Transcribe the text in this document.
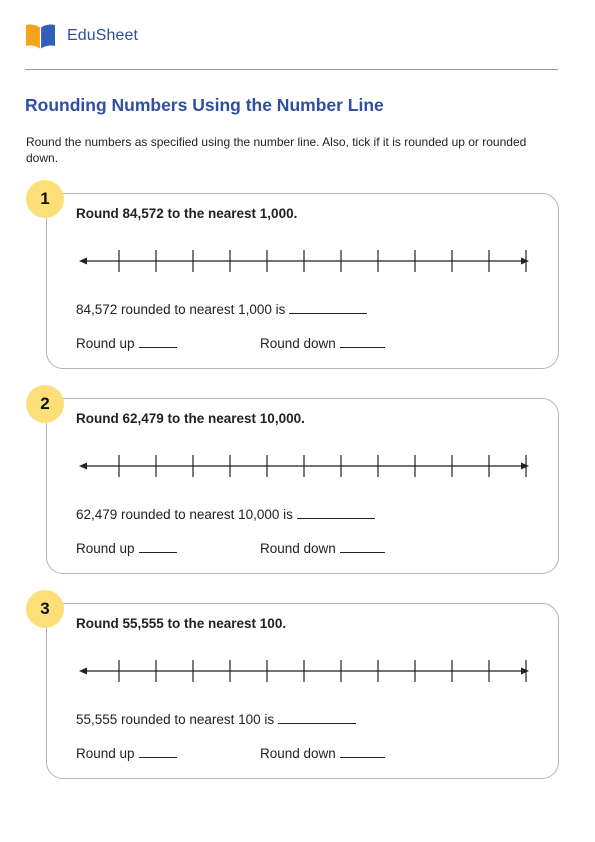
EduSheet
Rounding Numbers Using the Number Line

Round the numbers as specified using the number line. Also, tick if it is rounded up or rounded down.

Round 84,572 to the nearest 1,000.
84,572 rounded to nearest 1,000 is
Round up	Round down
1
Round 62,479 to the nearest 10,000.
62,479 rounded to nearest 10,000 is
Round up	Round down
2
Round 55,555 to the nearest 100.
55,555 rounded to nearest 100 is
Round up	Round down
3
